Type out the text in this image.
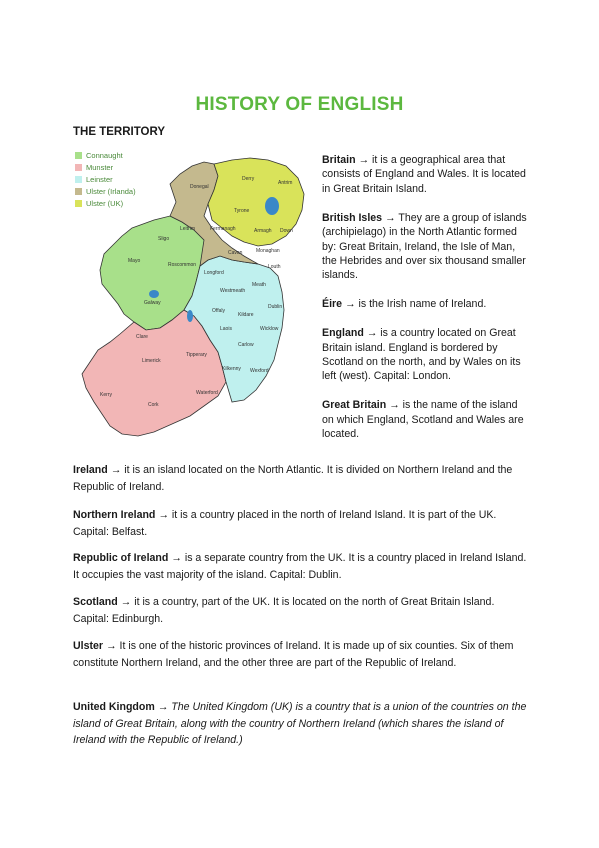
HISTORY OF ENGLISH
THE TERRITORY
Connaught
Munster
Leinster
Ulster (Irlanda)
Ulster (UK)
Donegal
Derry
Antrim
Tyrone
Fermanagh	Armagh Down
Leitrim
Sligo
Cavan	Monaghan
Louth
Mayo
Roscommon
Longford
Meath
Westmeath
Dublin
Galway
Offaly
Kildare
Wicklow
Laois
Carlow
Clare
Tipperary
Kilkenny Wexford
Limerick
Kerry
Cork
Waterford

Britain → it is a geographical area that consists of England and Wales. It is located in Great Britain Island.

British Isles → They are a group of islands (archipielago) in the North Atlantic formed by: Great Britain, Ireland, the Isle of Man, the Hebrides and over six thousand smaller islands.

Éire → is the Irish name of Ireland.

England → is a country located on Great Britain island. England is bordered by Scotland on the north, and by Wales on its left (west). Capital: London.

Great Britain → is the name of the island on which England, Scotland and Wales are located.

Ireland → it is an island located on the North Atlantic. It is divided on Northern Ireland and the Republic of Ireland.

Northern Ireland → it is a country placed in the north of Ireland Island. It is part of the UK. Capital: Belfast.

Republic of Ireland → is a separate country from the UK. It is a country placed in Ireland Island. It occupies the vast majority of the island. Capital: Dublin.

Scotland → it is a country, part of the UK. It is located on the north of Great Britain Island. Capital: Edinburgh.

Ulster → It is one of the historic provinces of Ireland. It is made up of six counties. Six of them constitute Northern Ireland, and the other three are part of the Republic of Ireland.

United Kingdom → The United Kingdom (UK) is a country that is a union of the countries on the island of Great Britain, along with the country of Northern Ireland (which shares the island of Ireland with the Republic of Ireland.)
